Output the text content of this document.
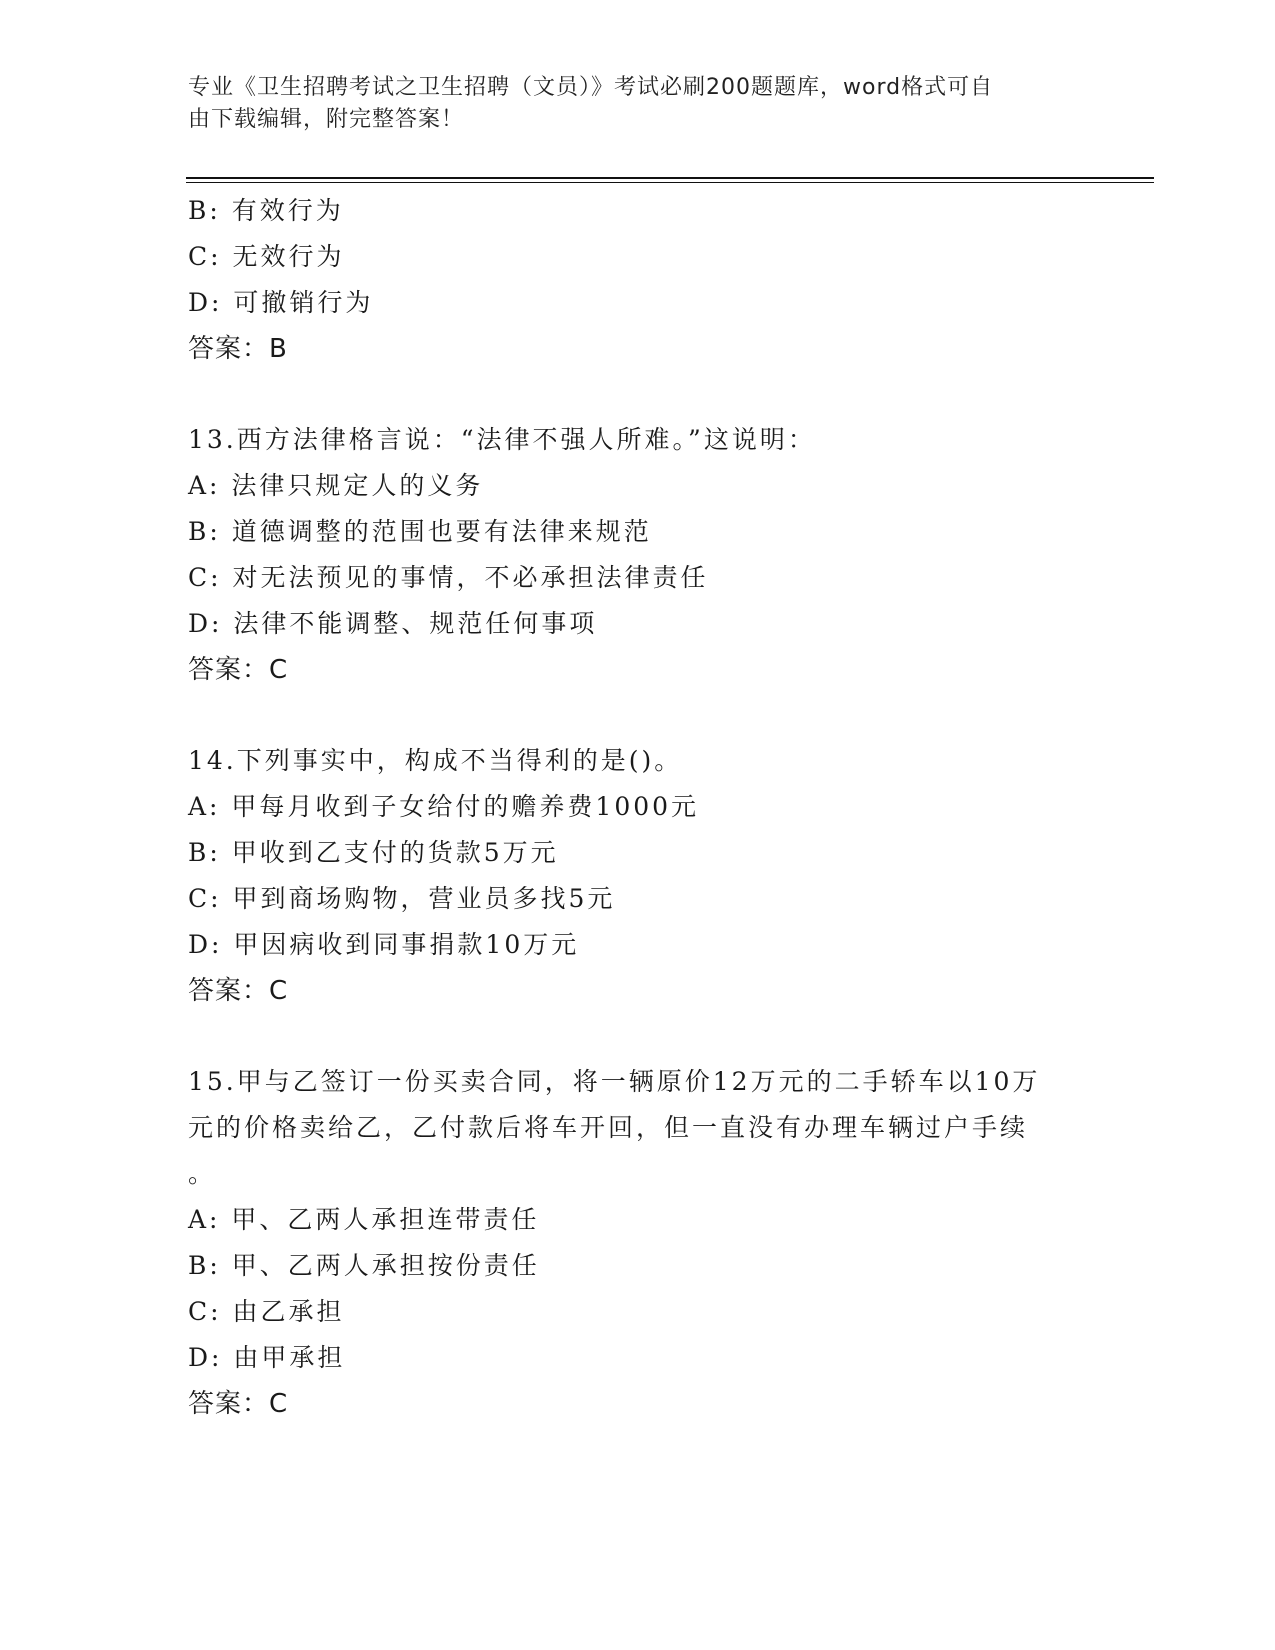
专业《卫生招聘考试之卫生招聘（文员）》考试必刷200题题库，word格式可自
由下载编辑，附完整答案！
B: 有效行为
C: 无效行为
D: 可撤销行为
答案：B
13.西方法律格言说：“法律不强人所难。”这说明：
A: 法律只规定人的义务
B: 道德调整的范围也要有法律来规范
C: 对无法预见的事情，不必承担法律责任
D: 法律不能调整、规范任何事项
答案：C
14.下列事实中，构成不当得利的是()。
A: 甲每月收到子女给付的赡养费1000元
B: 甲收到乙支付的货款5万元
C: 甲到商场购物，营业员多找5元
D: 甲因病收到同事捐款10万元
答案：C
15.甲与乙签订一份买卖合同，将一辆原价12万元的二手轿车以10万
元的价格卖给乙，乙付款后将车开回，但一直没有办理车辆过户手续
。
A: 甲、乙两人承担连带责任
B: 甲、乙两人承担按份责任
C: 由乙承担
D: 由甲承担
答案：C
